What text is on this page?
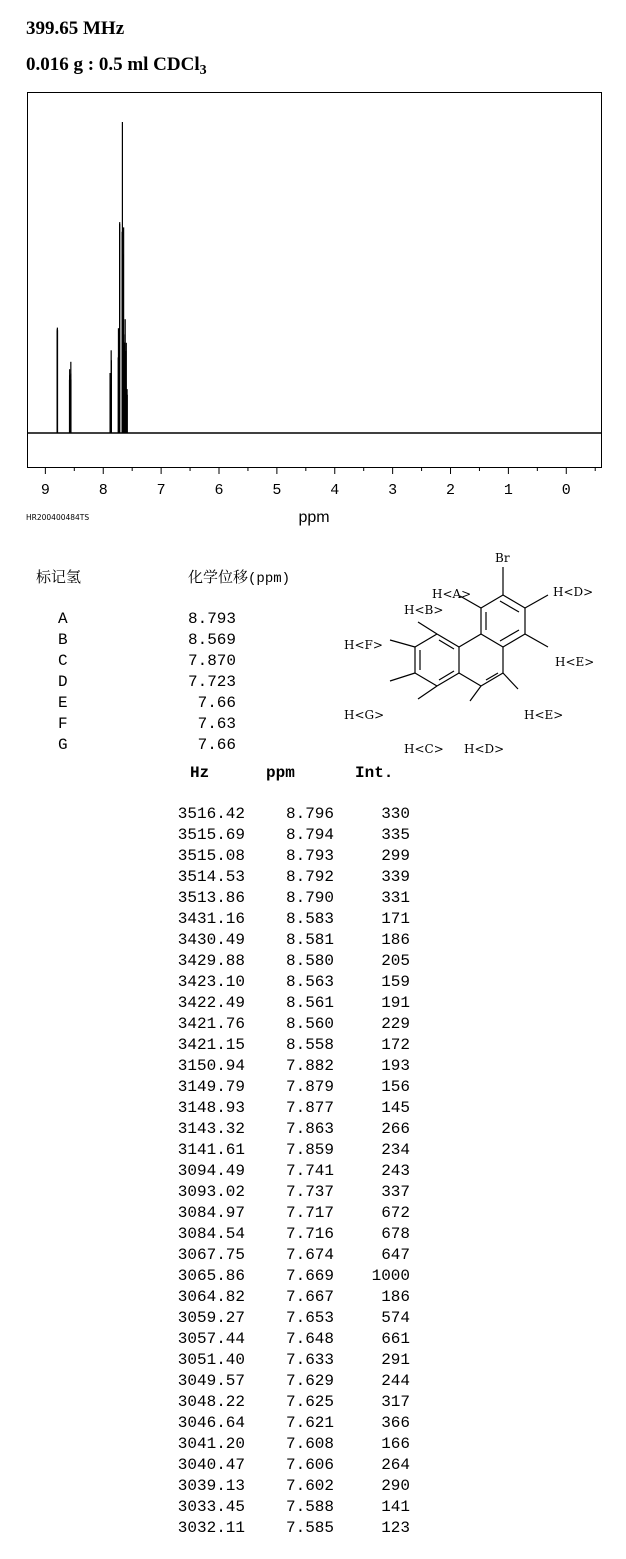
399.65 MHz
0.016 g : 0.5 ml CDCl$_3$
9	8	7	6	5	4	3	2	1	0
ppm
HR200400484TS
标记氢	化学位移(ppm)
A	8.793
B	8.569
C	7.870
D	7.723
E	7.66
F	7.63
G	7.66
Br
H<A>
H<B>
H<D>
H<F>
H<E>
H<G>	H<E>
H<C> H<D>
Hz	ppm	Int.
3516.42	8.796	330
3515.69	8.794	335
3515.08	8.793	299
3514.53	8.792	339
3513.86	8.790	331
3431.16	8.583	171
3430.49	8.581	186
3429.88	8.580	205
3423.10	8.563	159
3422.49	8.561	191
3421.76	8.560	229
3421.15	8.558	172
3150.94	7.882	193
3149.79	7.879	156
3148.93	7.877	145
3143.32	7.863	266
3141.61	7.859	234
3094.49	7.741	243
3093.02	7.737	337
3084.97	7.717	672
3084.54	7.716	678
3067.75	7.674	647
3065.86	7.669	1000
3064.82	7.667	186
3059.27	7.653	574
3057.44	7.648	661
3051.40	7.633	291
3049.57	7.629	244
3048.22	7.625	317
3046.64	7.621	366
3041.20	7.608	166
3040.47	7.606	264
3039.13	7.602	290
3033.45	7.588	141
3032.11	7.585	123
